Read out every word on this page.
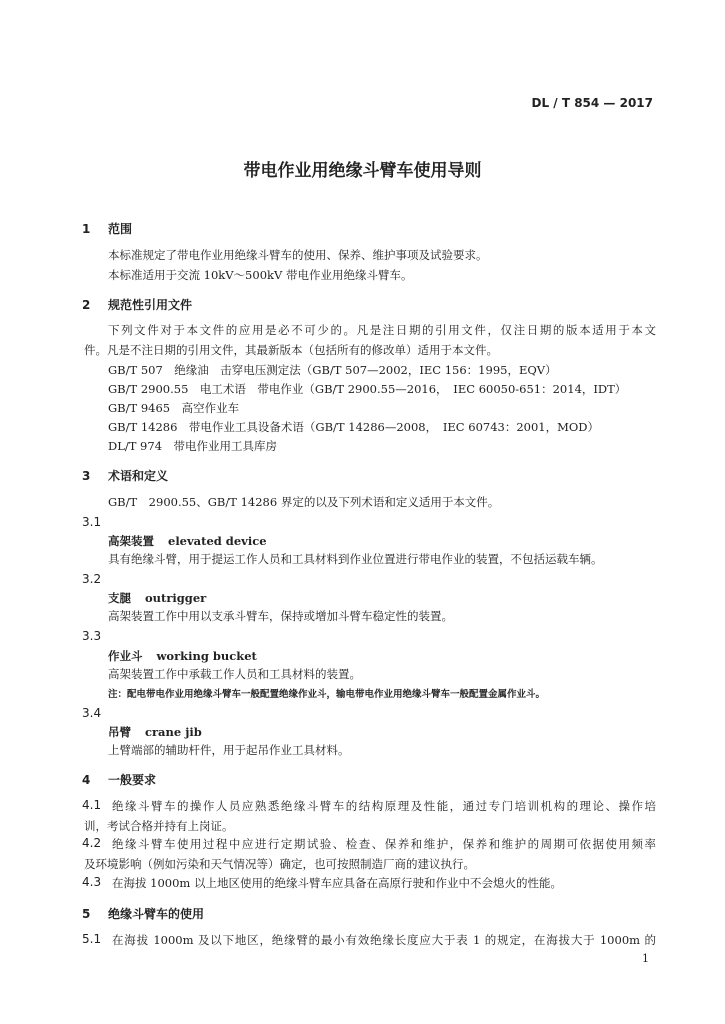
DL / T 854 — 2017
带电作业用绝缘斗臂车使用导则
1 范围
本标准规定了带电作业用绝缘斗臂车的使用、保养、维护事项及试验要求。
本标准适用于交流 10kV～500kV 带电作业用绝缘斗臂车。
2 规范性引用文件
下列文件对于本文件的应用是必不可少的。凡是注日期的引用文件，仅注日期的版本适用于本文
件。凡是不注日期的引用文件，其最新版本（包括所有的修改单）适用于本文件。
GB/T 507　绝缘油　击穿电压测定法（GB/T 507—2002，IEC 156：1995，EQV）
GB/T 2900.55　电工术语　带电作业（GB/T 2900.55—2016，　IEC 60050-651：2014，IDT）
GB/T 9465　高空作业车
GB/T 14286　带电作业工具设备术语（GB/T 14286—2008，　IEC 60743：2001，MOD）
DL/T 974　带电作业用工具库房
3 术语和定义
GB/T　2900.55、GB/T 14286 界定的以及下列术语和定义适用于本文件。
3.1
高架装置 elevated device
具有绝缘斗臂，用于提运工作人员和工具材料到作业位置进行带电作业的装置，不包括运载车辆。
3.2
支腿 outrigger
高架装置工作中用以支承斗臂车，保持或增加斗臂车稳定性的装置。
3.3
作业斗 working bucket
高架装置工作中承载工作人员和工具材料的装置。
注：配电带电作业用绝缘斗臂车一般配置绝缘作业斗，输电带电作业用绝缘斗臂车一般配置金属作业斗。
3.4
吊臂 crane jib
上臂端部的辅助杆件，用于起吊作业工具材料。
4 一般要求
4.1 绝缘斗臂车的操作人员应熟悉绝缘斗臂车的结构原理及性能，通过专门培训机构的理论、操作培
训，考试合格并持有上岗证。
4.2 绝缘斗臂车使用过程中应进行定期试验、检查、保养和维护，保养和维护的周期可依据使用频率
及环境影响（例如污染和天气情况等）确定，也可按照制造厂商的建议执行。
4.3 在海拔 1000m 以上地区使用的绝缘斗臂车应具备在高原行驶和作业中不会熄火的性能。
5 绝缘斗臂车的使用
5.1 在海拔 1000m 及以下地区，绝缘臂的最小有效绝缘长度应大于表 1 的规定，在海拔大于 1000m 的
1
